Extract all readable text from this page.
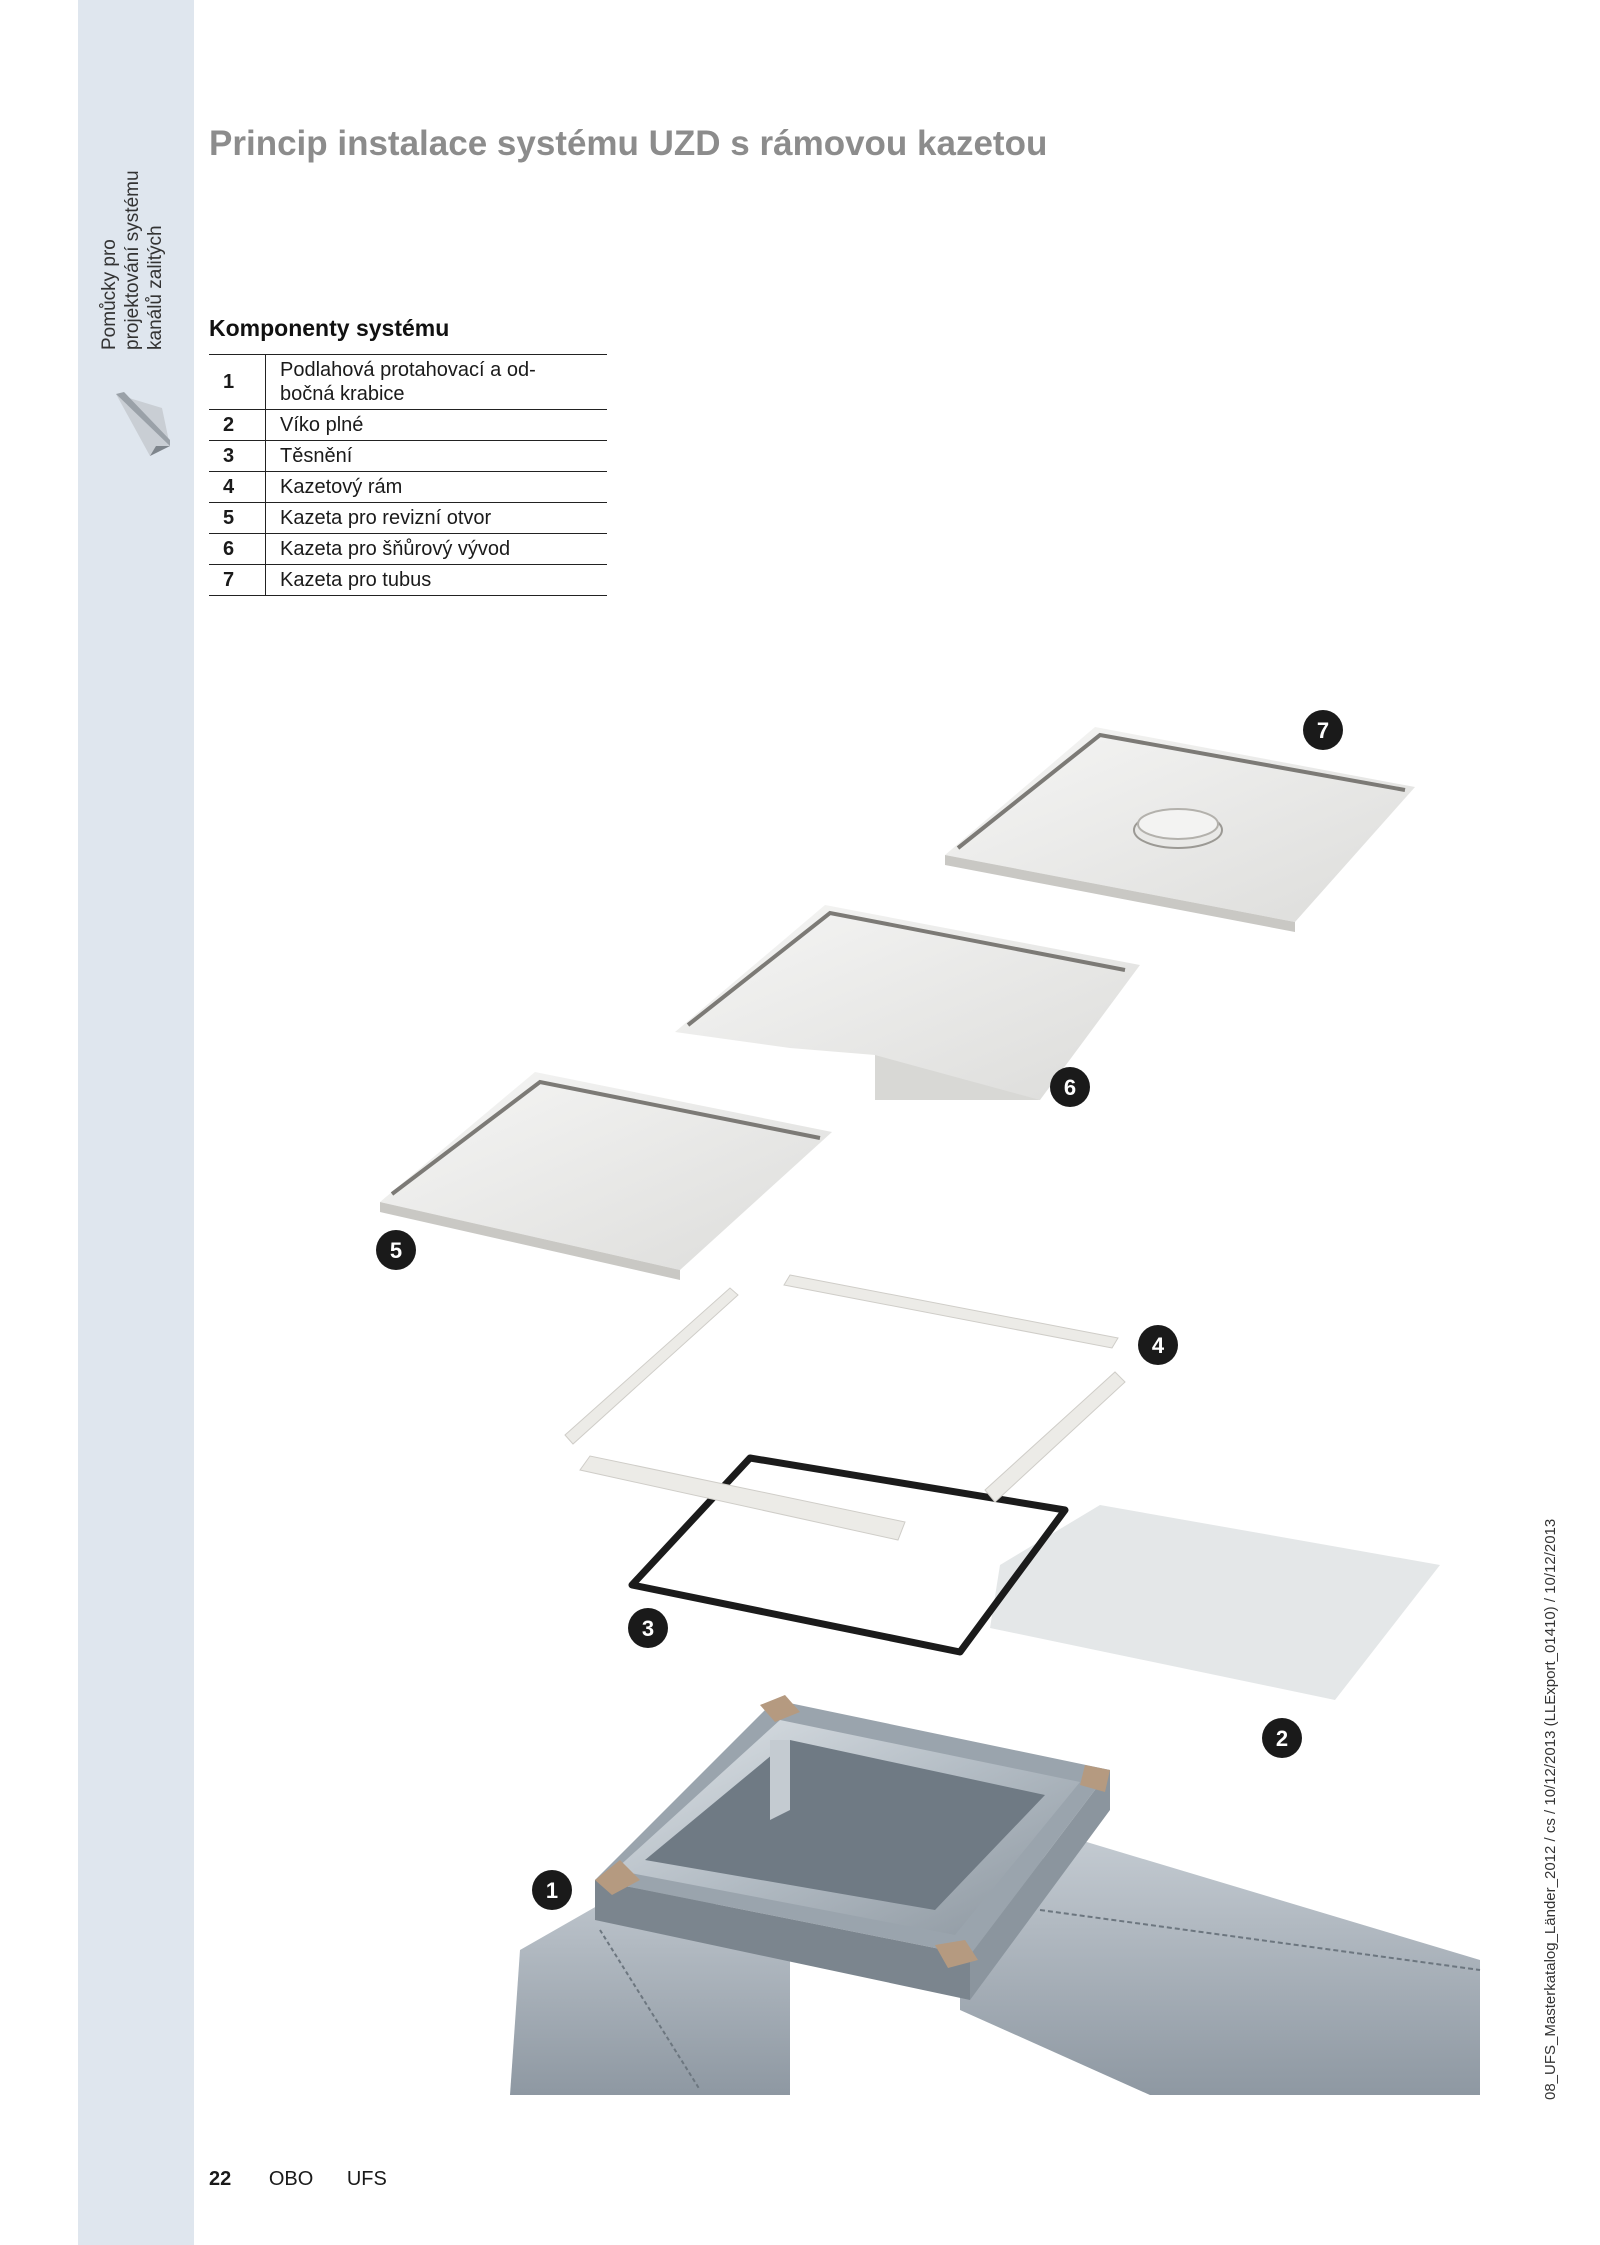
Pomůcky pro projektování systému kanálů zalitých
Princip instalace systému UZD s rámovou kazetou
Komponenty systému
1	Podlahová protahovací a od-
bočná krabice
2	Víko plné
3	Těsnění
4	Kazetový rám
5	Kazeta pro revizní otvor
6	Kazeta pro šňůrový vývod
7	Kazeta pro tubus
1
2
3
4
5
6
7
22 OBO UFS
08_UFS_Masterkatalog_Länder_2012 / cs / 10/12/2013 (LLExport_01410) / 10/12/2013
